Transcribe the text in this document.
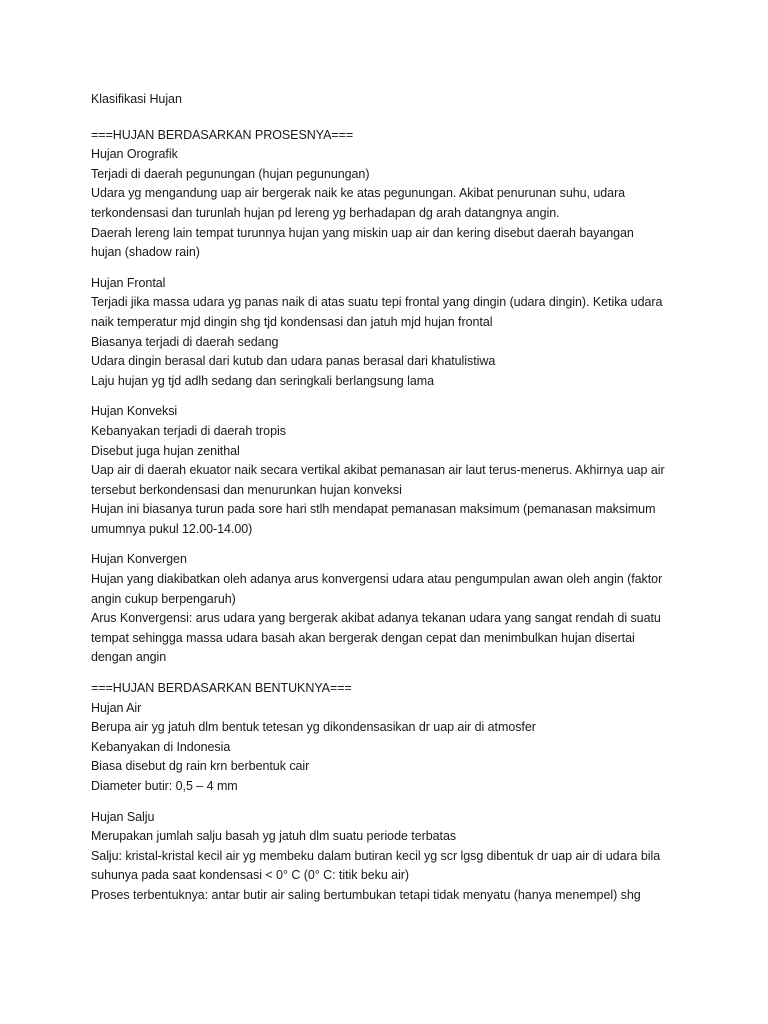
Klasifikasi Hujan
===HUJAN BERDASARKAN PROSESNYA===
Hujan Orografik
Terjadi di daerah pegunungan (hujan pegunungan)
Udara yg mengandung uap air bergerak naik ke atas pegunungan. Akibat penurunan suhu, udara
terkondensasi dan turunlah hujan pd lereng yg berhadapan dg arah datangnya angin.
Daerah lereng lain tempat turunnya hujan yang miskin uap air dan kering disebut daerah bayangan
hujan (shadow rain)
Hujan Frontal
Terjadi jika massa udara yg panas naik di atas suatu tepi frontal yang dingin (udara dingin). Ketika udara
naik temperatur mjd dingin shg tjd kondensasi dan jatuh mjd hujan frontal
Biasanya terjadi di daerah sedang
Udara dingin berasal dari kutub dan udara panas berasal dari khatulistiwa
Laju hujan yg tjd adlh sedang dan seringkali berlangsung lama
Hujan Konveksi
Kebanyakan terjadi di daerah tropis
Disebut juga hujan zenithal
Uap air di daerah ekuator naik secara vertikal akibat pemanasan air laut terus-menerus. Akhirnya uap air
tersebut berkondensasi dan menurunkan hujan konveksi
Hujan ini biasanya turun pada sore hari stlh mendapat pemanasan maksimum (pemanasan maksimum
umumnya pukul 12.00-14.00)
Hujan Konvergen
Hujan yang diakibatkan oleh adanya arus konvergensi udara atau pengumpulan awan oleh angin (faktor
angin cukup berpengaruh)
Arus Konvergensi: arus udara yang bergerak akibat adanya tekanan udara yang sangat rendah di suatu
tempat sehingga massa udara basah akan bergerak dengan cepat dan menimbulkan hujan disertai
dengan angin
===HUJAN BERDASARKAN BENTUKNYA===
Hujan Air
Berupa air yg jatuh dlm bentuk tetesan yg dikondensasikan dr uap air di atmosfer
Kebanyakan di Indonesia
Biasa disebut dg rain krn berbentuk cair
Diameter butir: 0,5 – 4 mm
Hujan Salju
Merupakan jumlah salju basah yg jatuh dlm suatu periode terbatas
Salju: kristal-kristal kecil air yg membeku dalam butiran kecil yg scr lgsg dibentuk dr uap air di udara bila
suhunya pada saat kondensasi < 0° C (0° C: titik beku air)
Proses terbentuknya: antar butir air saling bertumbukan tetapi tidak menyatu (hanya menempel) shg
